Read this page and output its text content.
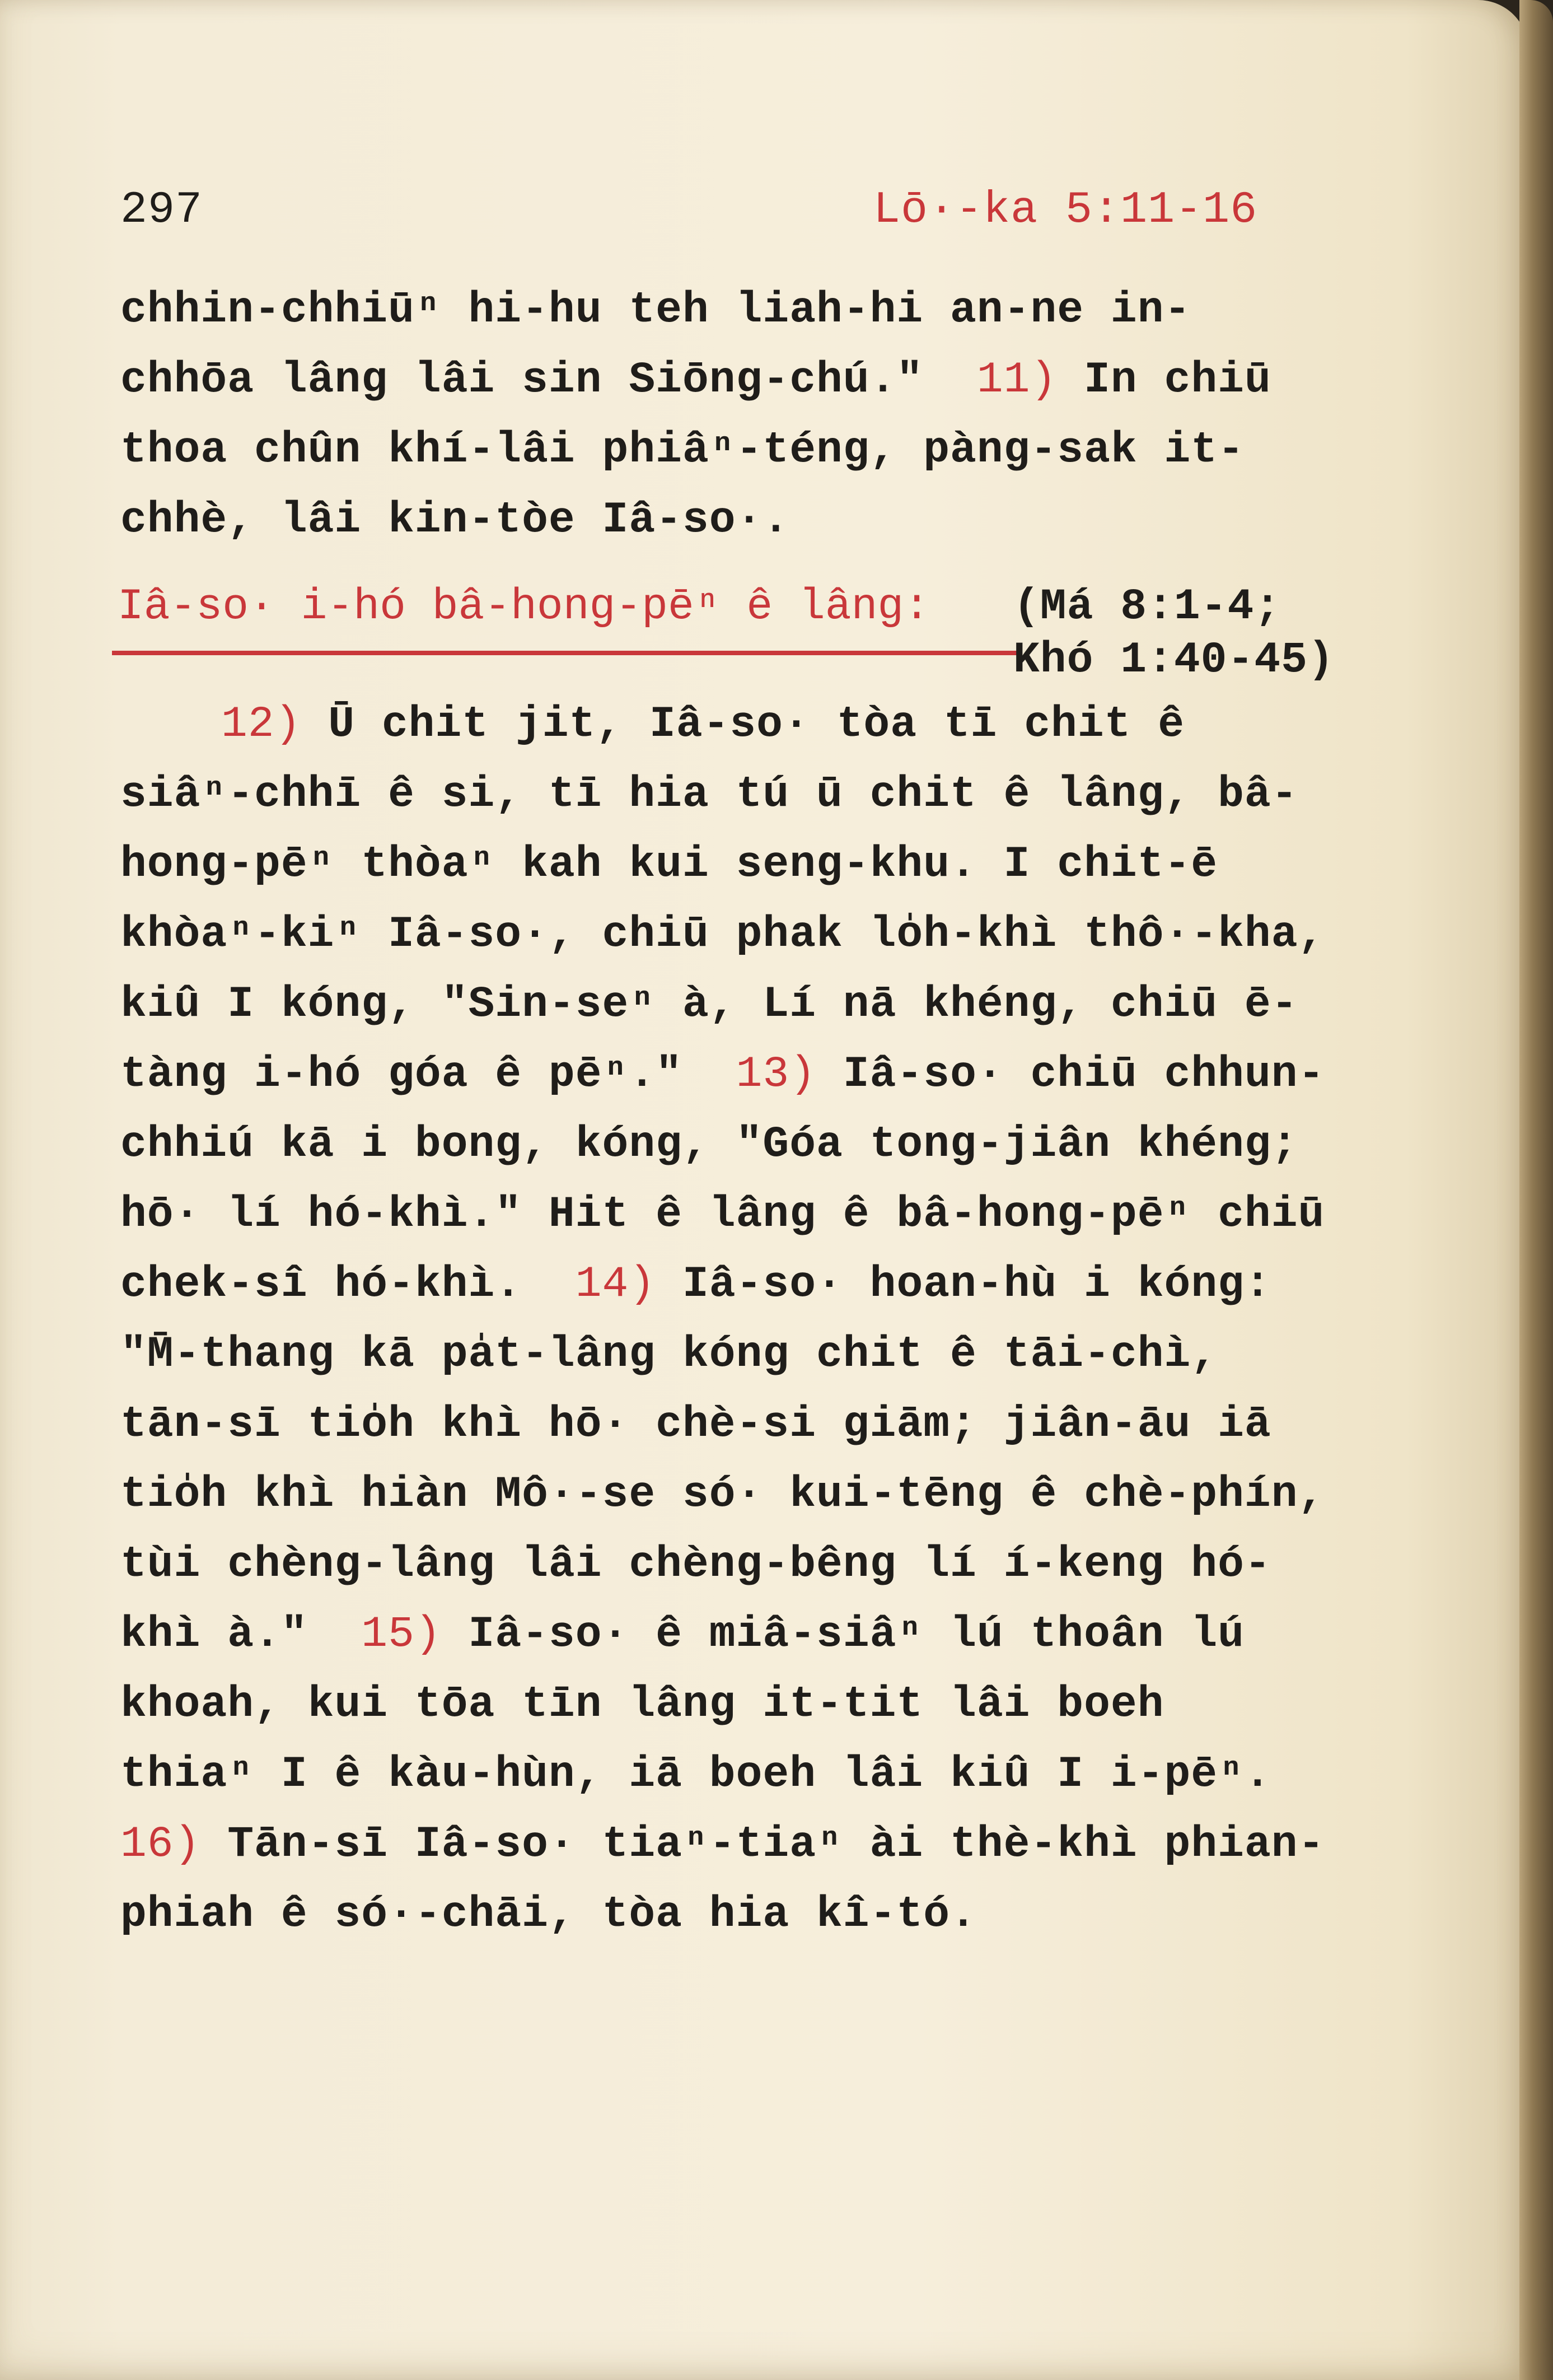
297	Lō·-ka 5:11-16
chhin-chhiūⁿ hi-hu teh liah-hi an-ne in-
chhōa lâng lâi sin Siōng-chú." 11) In chiū
thoa chûn khí-lâi phiâⁿ-téng, pàng-sak it-
chhè, lâi kin-tòe Iâ-so·.
Iâ-so· i-hó bâ-hong-pēⁿ ê lâng: (Má 8:1-4;
Khó 1:40-45)
12) Ū chit jit, Iâ-so· tòa tī chit ê
siâⁿ-chhī ê si, tī hia tú ū chit ê lâng, bâ-
hong-pēⁿ thòaⁿ kah kui seng-khu. I chit-ē
khòaⁿ-kiⁿ Iâ-so·, chiū phak lo̍h-khì thô·-kha,
kiû I kóng, "Sin-seⁿ à, Lí nā khéng, chiū ē-
tàng i-hó góa ê pēⁿ." 13) Iâ-so· chiū chhun-
chhiú kā i bong, kóng, "Góa tong-jiân khéng;
hō· lí hó-khì." Hit ê lâng ê bâ-hong-pēⁿ chiū
chek-sî hó-khì. 14) Iâ-so· hoan-hù i kóng:
"M̄-thang kā pa̍t-lâng kóng chit ê tāi-chì,
tān-sī tio̍h khì hō· chè-si giām; jiân-āu iā
tio̍h khì hiàn Mô·-se só· kui-tēng ê chè-phín,
tùi chèng-lâng lâi chèng-bêng lí í-keng hó-
khì à." 15) Iâ-so· ê miâ-siâⁿ lú thoân lú
khoah, kui tōa tīn lâng it-tit lâi boeh
thiaⁿ I ê kàu-hùn, iā boeh lâi kiû I i-pēⁿ.
16) Tān-sī Iâ-so· tiaⁿ-tiaⁿ ài thè-khì phian-
phiah ê só·-chāi, tòa hia kî-tó.
